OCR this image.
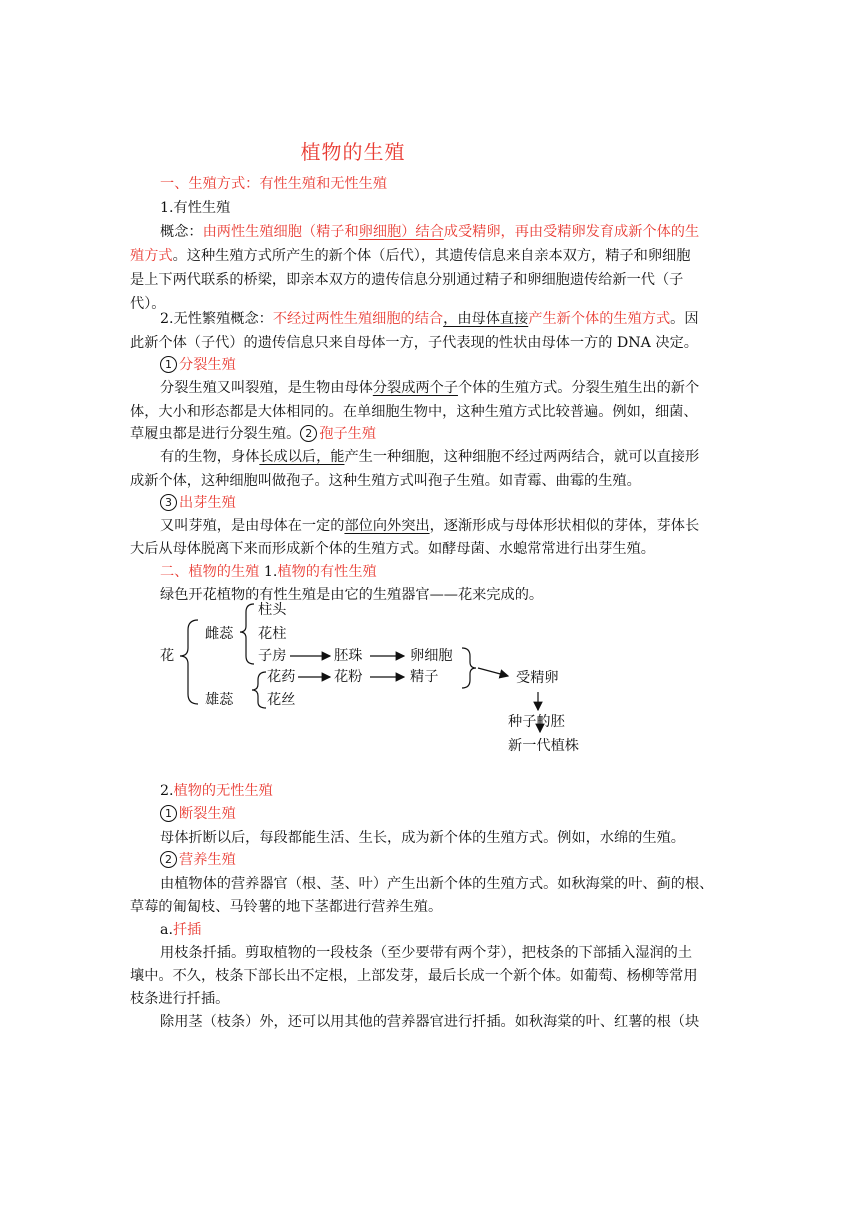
植物的生殖
一、生殖方式：有性生殖和无性生殖
1.有性生殖
概念：由两性生殖细胞（精子和卵细胞）结合成受精卵，再由受精卵发育成新个体的生
殖方式。这种生殖方式所产生的新个体（后代），其遗传信息来自亲本双方，精子和卵细胞
是上下两代联系的桥梁，即亲本双方的遗传信息分别通过精子和卵细胞遗传给新一代（子
代）。
2.无性繁殖概念：不经过两性生殖细胞的结合，由母体直接产生新个体的生殖方式。因
此新个体（子代）的遗传信息只来自母体一方，子代表现的性状由母体一方的 DNA 决定。
1 分裂生殖
分裂生殖又叫裂殖，是生物由母体分裂成两个子个体的生殖方式。分裂生殖生出的新个
体，大小和形态都是大体相同的。在单细胞生物中，这种生殖方式比较普遍。例如，细菌、
草履虫都是进行分裂生殖。 2 孢子生殖
有的生物，身体长成以后，能产生一种细胞，这种细胞不经过两两结合，就可以直接形
成新个体，这种细胞叫做孢子。这种生殖方式叫孢子生殖。如青霉、曲霉的生殖。
3 出芽生殖
又叫芽殖，是由母体在一定的部位向外突出，逐渐形成与母体形状相似的芽体，芽体长
大后从母体脱离下来而形成新个体的生殖方式。如酵母菌、水螅常常进行出芽生殖。
二、植物的生殖 1.植物的有性生殖
绿色开花植物的有性生殖是由它的生殖器官——花来完成的。
花
雌蕊
雄蕊
柱头
花柱
子房	胚珠	卵细胞
花药	花粉	精子
花丝
受精卵
种子的胚
新一代植株
2.植物的无性生殖
1 断裂生殖
母体折断以后，每段都能生活、生长，成为新个体的生殖方式。例如，水绵的生殖。
2 营养生殖
由植物体的营养器官（根、茎、叶）产生出新个体的生殖方式。如秋海棠的叶、蓟的根、
草莓的匍匐枝、马铃薯的地下茎都进行营养生殖。
a.扦插
用枝条扦插。剪取植物的一段枝条（至少要带有两个芽），把枝条的下部插入湿润的土
壤中。不久，枝条下部长出不定根，上部发芽，最后长成一个新个体。如葡萄、杨柳等常用
枝条进行扦插。
除用茎（枝条）外，还可以用其他的营养器官进行扦插。如秋海棠的叶、红薯的根（块
